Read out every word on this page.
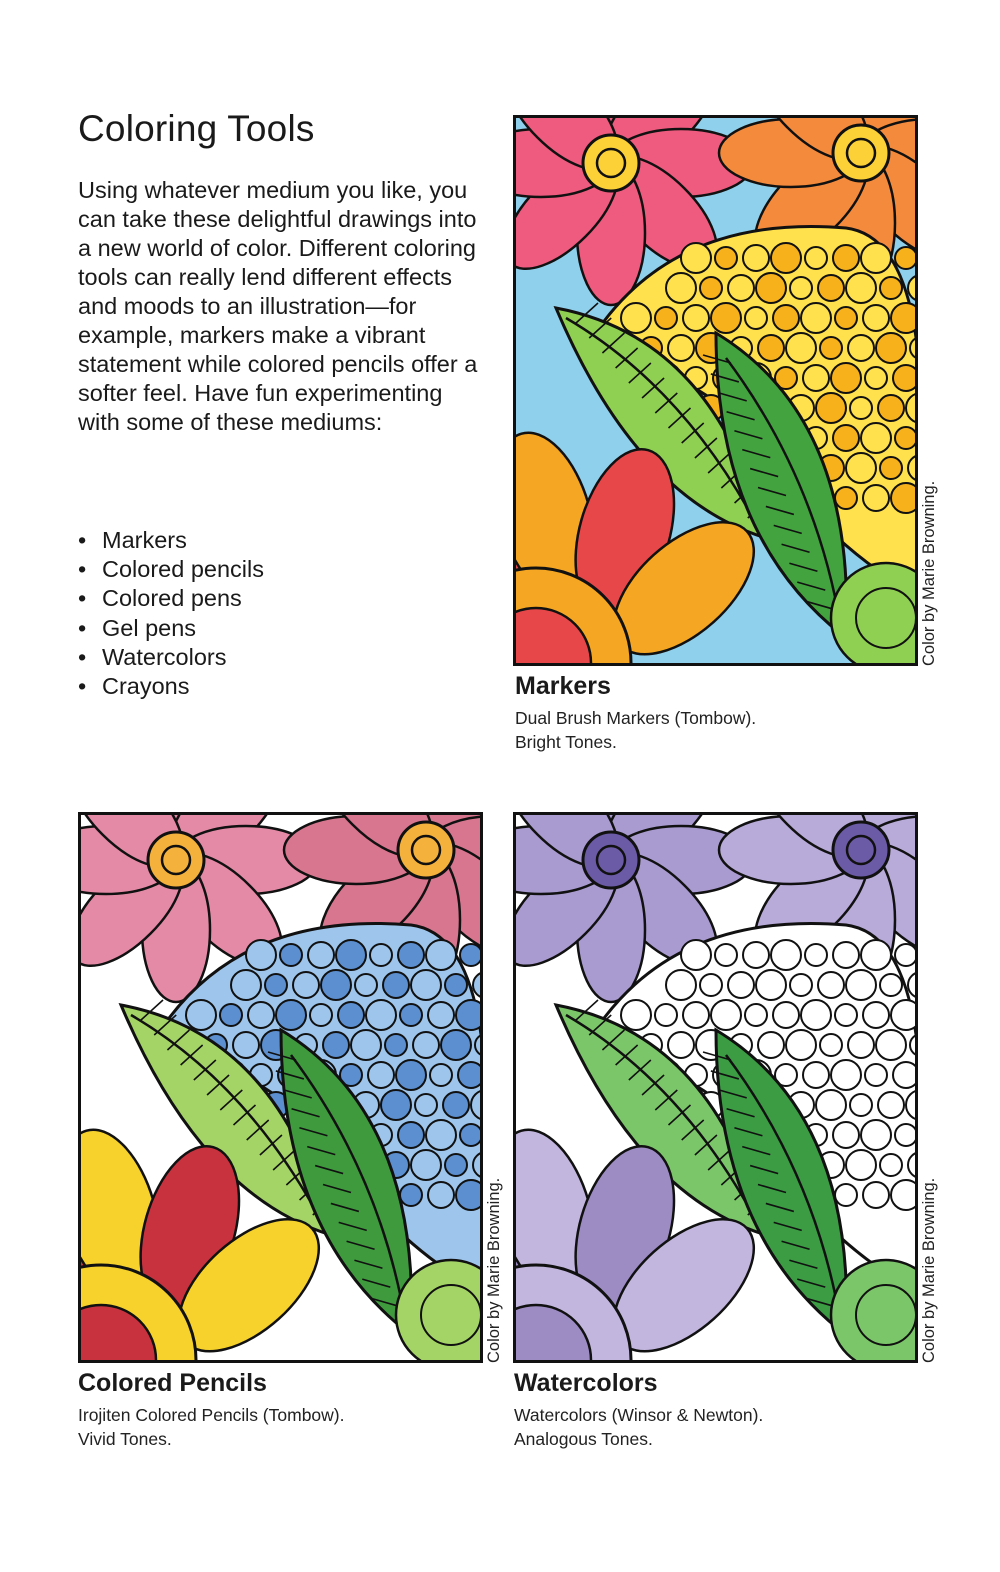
Coloring Tools

Using whatever medium you like, you can take these delightful drawings into a new world of color. Different coloring tools can really lend different effects and moods to an illustration—for example, markers make a vibrant statement while colored pencils offer a softer feel. Have fun experimenting with some of these mediums:

• Markers
• Colored pencils
• Colored pens
• Gel pens
• Watercolors
• Crayons
Color by Marie Browning.
Markers

Dual Brush Markers (Tombow).
Bright Tones.

Color by Marie Browning.
Colored Pencils

Irojiten Colored Pencils (Tombow).
Vivid Tones.

Color by Marie Browning.
Watercolors

Watercolors (Winsor & Newton).
Analogous Tones.
